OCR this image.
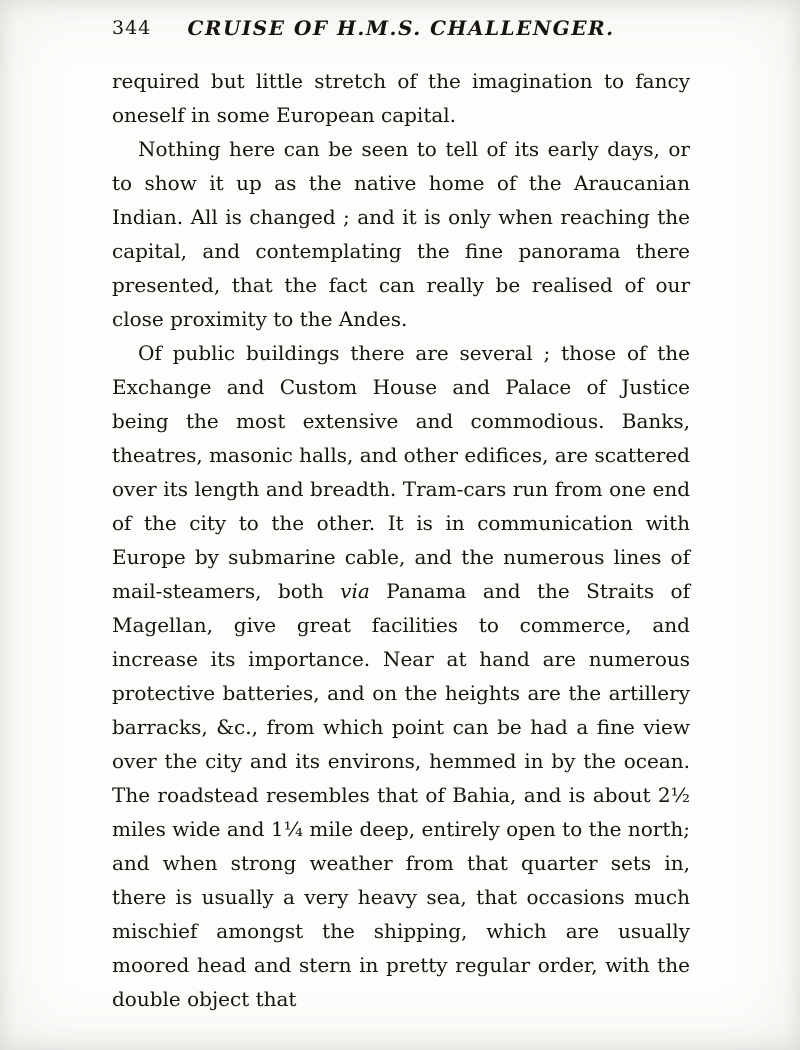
344	CRUISE OF H.M.S. CHALLENGER.

required but little stretch of the imagination to fancy oneself in some European capital.

Nothing here can be seen to tell of its early days, or to show it up as the native home of the Araucanian Indian. All is changed ; and it is only when reaching the capital, and contemplating the fine panorama there presented, that the fact can really be realised of our close proximity to the Andes.

Of public buildings there are several ; those of the Exchange and Custom House and Palace of Justice being the most extensive and commodious. Banks, theatres, masonic halls, and other edifices, are scattered over its length and breadth. Tram-cars run from one end of the city to the other. It is in communication with Europe by submarine cable, and the numerous lines of mail-steamers, both via Panama and the Straits of Magellan, give great facilities to commerce, and increase its importance. Near at hand are numerous protective batteries, and on the heights are the artillery barracks, &c., from which point can be had a fine view over the city and its environs, hemmed in by the ocean. The roadstead resembles that of Bahia, and is about 2½ miles wide and 1¼ mile deep, entirely open to the north; and when strong weather from that quarter sets in, there is usually a very heavy sea, that occasions much mischief amongst the shipping, which are usually moored head and stern in pretty regular order, with the double object that
